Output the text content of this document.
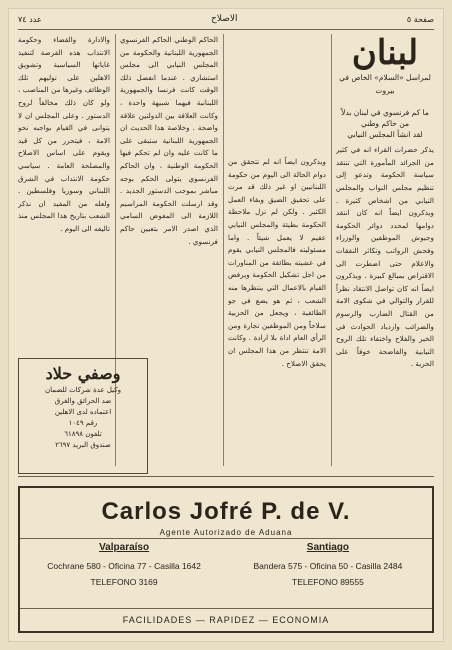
صفحة ٥
الاصلاح
عدد ٧٤
لبنان
لمراسل «السلام» الخاص في بيروت
ما كم فرنسوي في لبنان بدلاً من حاكم وطني
لقد انشأ المجلس النيابي
يذكر حضرات القراء انه في كثير من الجرائد المأمورة التي تنتقد سياسة الحكومة وتدعو إلى تنظيم مجلس النواب والمجلس النيابي من اشخاص كثيرة . ويذكرون ايضاً انه كان انتقد دوامها لمحدد دوائر الحكومة وجيوش الموظفين والوزراء وفحش الرواتب وتكاثر النفقات والاعلام حتى اضطرت الى الاقتراض بمبالغ كبيرة . ويذكرون ايضاً انه كان تواصل الانتقاد نظراً للقرار والتوالي في شكوى الامة من القتال الضارب والرسوم والضرائب وازدياد الحوادث في الخير والفلاح واختفاء تلك الروح النيابية والفاضحة خوفاً على الحرية .
ويذكرون ايضاً انه لم تتحقق من دوام الحالة الى اليوم من حكومة اللبنانيين او غير ذلك قد مرت على تحقيق الضيق وبقاء العمل الكثير . ولكن لم تزل ملاحظة الحكومة بطيئة والمجلس النيابي عقيم لا يعمل شيئاً . واما مسئوليته فالمجلس النيابي يقوم في عشيته بطائفة من المناورات من اجل تشكيل الحكومة ويرفض القيام بالاعمال التي ينتظرها منه الشعب ، ثم هو يضع في جو الطائفية ، ويجعل من الحزبية سلاحاً ومن الموظفين تجارة ومن الرأي العام اداة بلا ارادة . وكانت الامة تنتظر من هذا المجلس ان يحقق الاصلاح .
الحاكم الوطني الحاكم الفرنسوي الجمهورية اللبنانية والحكومة من المجلس النيابي الى مجلس استشاري . عندما انفصل ذلك الوقت كانت فرنسا والجمهورية اللبنانية فيهما شبيهة واحدة ، وكانت العلاقة بين الدولتين علاقة واضحة . وخلاصة هذا الحديث ان الجمهورية اللبنانية ستبقى على ما كانت عليه وان لم تحكم فيها الحكومة الوطنية ، وان الحاكم الفرنسوي يتولى الحكم بوجه مباشر بموجب الدستور الجديد . وقد ارسلت الحكومة المراسيم اللازمة الى المفوض السامي الذي اصدر الامر بتعيين حاكم فرنسوي .
والادارة والقضاء وحكومة الانتداب هذه الفرصة لتنفيذ غاياتها السياسية وتشويق الاهلين على توليهم تلك الوظائف وغيرها من المناصب ، ولو كان ذلك مخالفاً لروح الدستور . وعلى المجلس ان لا يتوانى في القيام بواجبه نحو الامة ، فيتحرر من كل قيد ويقوم على اساس الاصلاح والمصلحة العامة . سياسي حكومة الانتداب في الشرق اللبناني وسوريا وفلسطين . ولعله من المفيد ان نذكر الشعب بتاريخ هذا المجلس منذ تاليفه الى اليوم .
وصفي حلاد
وكيل عدة شركات للضمان
ضد الحرائق والغرق
اعتماده لدى الاهلين
رقم ١٠٤٩
تلفون ٦١٨٩٨
صندوق البريد ٢٦٩٧
Carlos Jofré P. de V.
Agente Autorizado de Aduana
Valparaíso
Cochrane 580 - Oficina 77 - Casilla 1642
TELEFONO 3169
Santiago
Bandera 575 - Oficina 50 - Casilla 2484
TELEFONO 89555
FACILIDADES — RAPIDEZ — ECONOMIA
